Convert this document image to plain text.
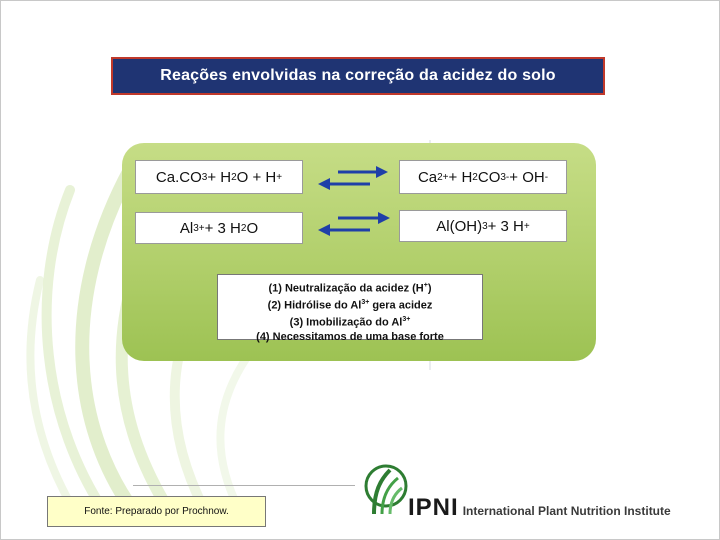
Reações envolvidas na correção da acidez do solo
Ca.CO 3 + H 2 O + H +	Ca 2+ + H 2 CO 3 - + OH -
Al 3+ + 3 H 2 O	Al(OH) 3 + 3 H +
(1) Neutralização da acidez (H+)
(2) Hidrólise do $Al^{3+}$ gera acidez
(3) Imobilização do $Al^{3+}$
(4) Necessitamos de uma base forte
Fonte: Preparado por Prochnow.	IPNI International Plant Nutrition Institute
